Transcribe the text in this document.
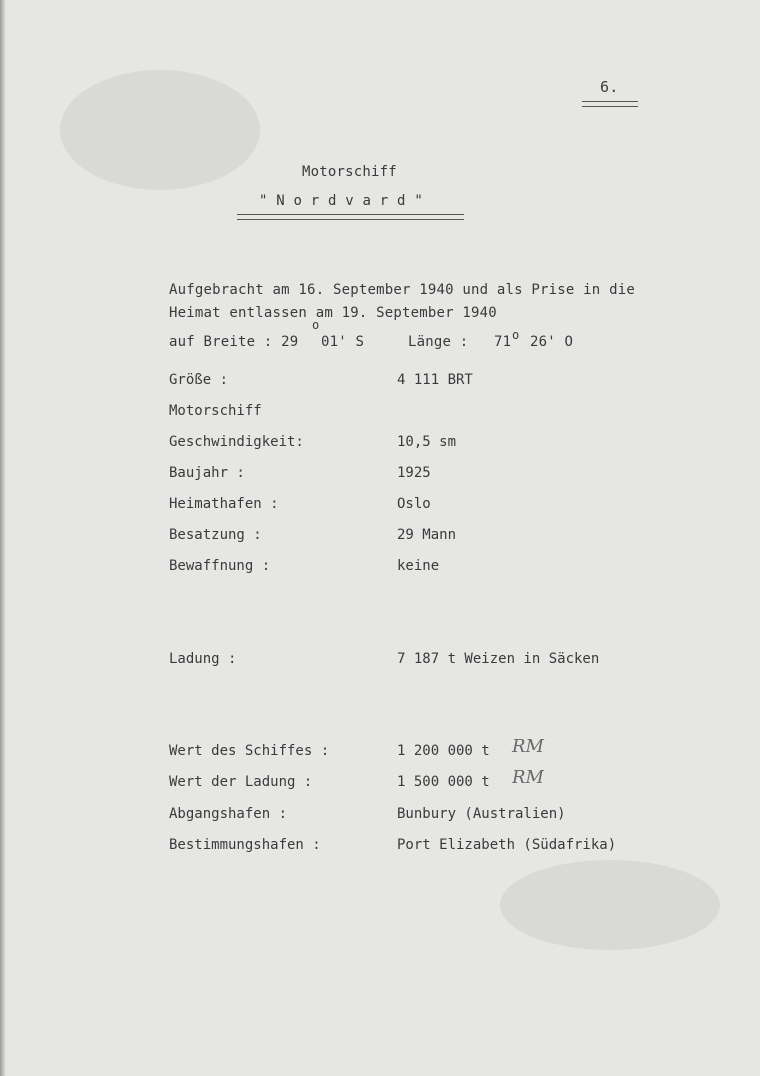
6.
Motorschiff
" N o r d v a r d "
Aufgebracht am 16. September 1940 und als Prise in die
Heimat entlassen am 19. September 1940
auf Breite : 29
o
01' S	Länge : 71 o 26' O
Größe :	4 111 BRT
Motorschiff
Geschwindigkeit:	10,5 sm
Baujahr :	1925
Heimathafen :	Oslo
Besatzung :	29 Mann
Bewaffnung :	keine
Ladung :	7 187 t Weizen in Säcken
Wert des Schiffes :	1 200 000 t RM
Wert der Ladung :	1 500 000 t RM
Abgangshafen :	Bunbury (Australien)
Bestimmungshafen :	Port Elizabeth (Südafrika)
